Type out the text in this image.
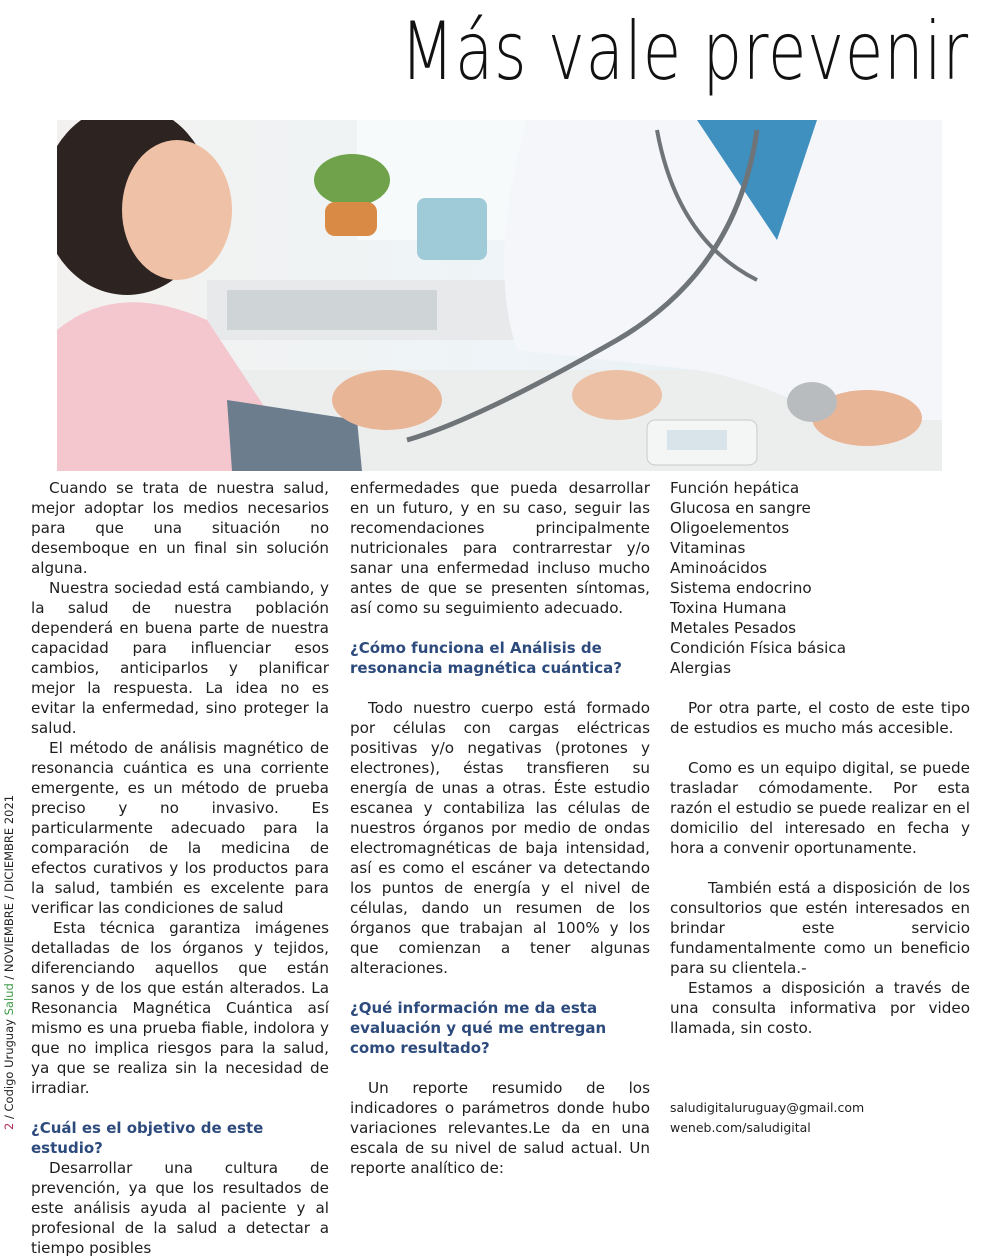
Más vale prevenir
2 / Codigo Uruguay Salud / NOVIEMBRE / DICIEMBRE 2021

Cuando se trata de nuestra salud, mejor adoptar los medios necesarios para que una situación no desemboque en un final sin solución alguna.

Nuestra sociedad está cambiando, y la salud de nuestra población dependerá en buena parte de nuestra capacidad para influenciar esos cambios, anticiparlos y planificar mejor la respuesta. La idea no es evitar la enfermedad, sino proteger la salud.

El método de análisis magnético de resonancia cuántica es una corriente emergente, es un método de prueba preciso y no invasivo. Es particularmente adecuado para la comparación de la medicina de efectos curativos y los productos para la salud, también es excelente para verificar las condiciones de salud

Esta técnica garantiza imágenes detalladas de los órganos y tejidos, diferenciando aquellos que están sanos y de los que están alterados. La Resonancia Magnética Cuántica así mismo es una prueba fiable, indolora y que no implica riesgos para la salud, ya que se realiza sin la necesidad de irradiar.

¿Cuál es el objetivo de este estudio?

Desarrollar una cultura de prevención, ya que los resultados de este análisis ayuda al paciente y al profesional de la salud a detectar a tiempo posibles

enfermedades que pueda desarrollar en un futuro, y en su caso, seguir las recomendaciones principalmente nutricionales para contrarrestar y/o sanar una enfermedad incluso mucho antes de que se presenten síntomas, así como su seguimiento adecuado.

¿Cómo funciona el Análisis de resonancia magnética cuántica?

Todo nuestro cuerpo está formado por células con cargas eléctricas positivas y/o negativas (protones y electrones), éstas transfieren su energía de unas a otras. Éste estudio escanea y contabiliza las células de nuestros órganos por medio de ondas electromagnéticas de baja intensidad, así es como el escáner va detectando los puntos de energía y el nivel de células, dando un resumen de los órganos que trabajan al 100% y los que comienzan a tener algunas alteraciones.

¿Qué información me da esta evaluación y qué me entregan como resultado?

Un reporte resumido de los indicadores o parámetros donde hubo variaciones relevantes.Le da en una escala de su nivel de salud actual. Un reporte analítico de:

Función hepática

Glucosa en sangre

Oligoelementos

Vitaminas

Aminoácidos

Sistema endocrino

Toxina Humana

Metales Pesados

Condición Física básica

Alergias

Por otra parte, el costo de este tipo de estudios es mucho más accesible.

Como es un equipo digital, se puede trasladar cómodamente. Por esta razón el estudio se puede realizar en el domicilio del interesado en fecha y hora a convenir oportunamente.

También está a disposición de los consultorios que estén interesados en brindar este servicio fundamentalmente como un beneficio para su clientela.-

Estamos a disposición a través de una consulta informativa por video llamada, sin costo.

saludigitaluruguay@gmail.com

weneb.com/saludigital
